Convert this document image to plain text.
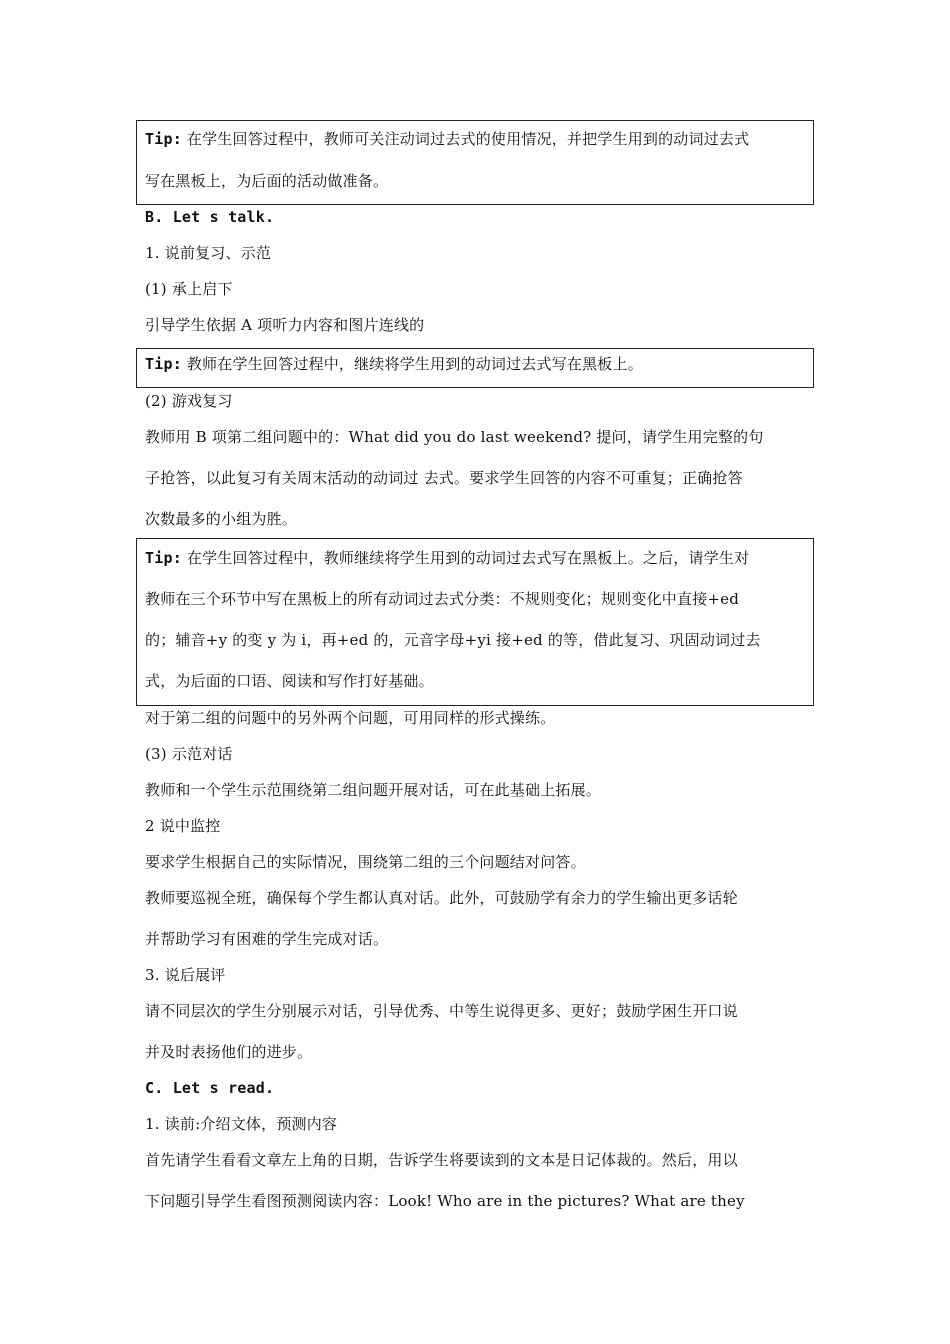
Tip: 在学生回答过程中，教师可关注动词过去式的使用情况，并把学生用到的动词过去式
写在黑板上，为后面的活动做准备。
B. Let s talk.
1. 说前复习、示范
(1) 承上启下
引导学生依据 A 项听力内容和图片连线的
Tip: 教师在学生回答过程中，继续将学生用到的动词过去式写在黑板上。
(2) 游戏复习
教师用 B 项第二组问题中的：What did you do last weekend? 提问，请学生用完整的句
子抢答，以此复习有关周末活动的动词过 去式。要求学生回答的内容不可重复；正确抢答
次数最多的小组为胜。
Tip: 在学生回答过程中，教师继续将学生用到的动词过去式写在黑板上。之后，请学生对
教师在三个环节中写在黑板上的所有动词过去式分类：不规则变化；规则变化中直接+ed
的；辅音+y 的变 y 为 i，再+ed 的，元音字母+yi 接+ed 的等，借此复习、巩固动词过去
式，为后面的口语、阅读和写作打好基础。
对于第二组的问题中的另外两个问题，可用同样的形式操练。
(3) 示范对话
教师和一个学生示范围绕第二组问题开展对话，可在此基础上拓展。
2 说中监控
要求学生根据自己的实际情况，围绕第二组的三个问题结对问答。
教师要巡视全班，确保每个学生都认真对话。此外，可鼓励学有余力的学生输出更多话轮
并帮助学习有困难的学生完成对话。
3. 说后展评
请不同层次的学生分别展示对话，引导优秀、中等生说得更多、更好；鼓励学困生开口说
并及时表扬他们的进步。
C. Let s read.
1. 读前:介绍文体，预测内容
首先请学生看看文章左上角的日期，告诉学生将要读到的文本是日记体裁的。然后，用以
下问题引导学生看图预测阅读内容：Look! Who are in the pictures? What are they
